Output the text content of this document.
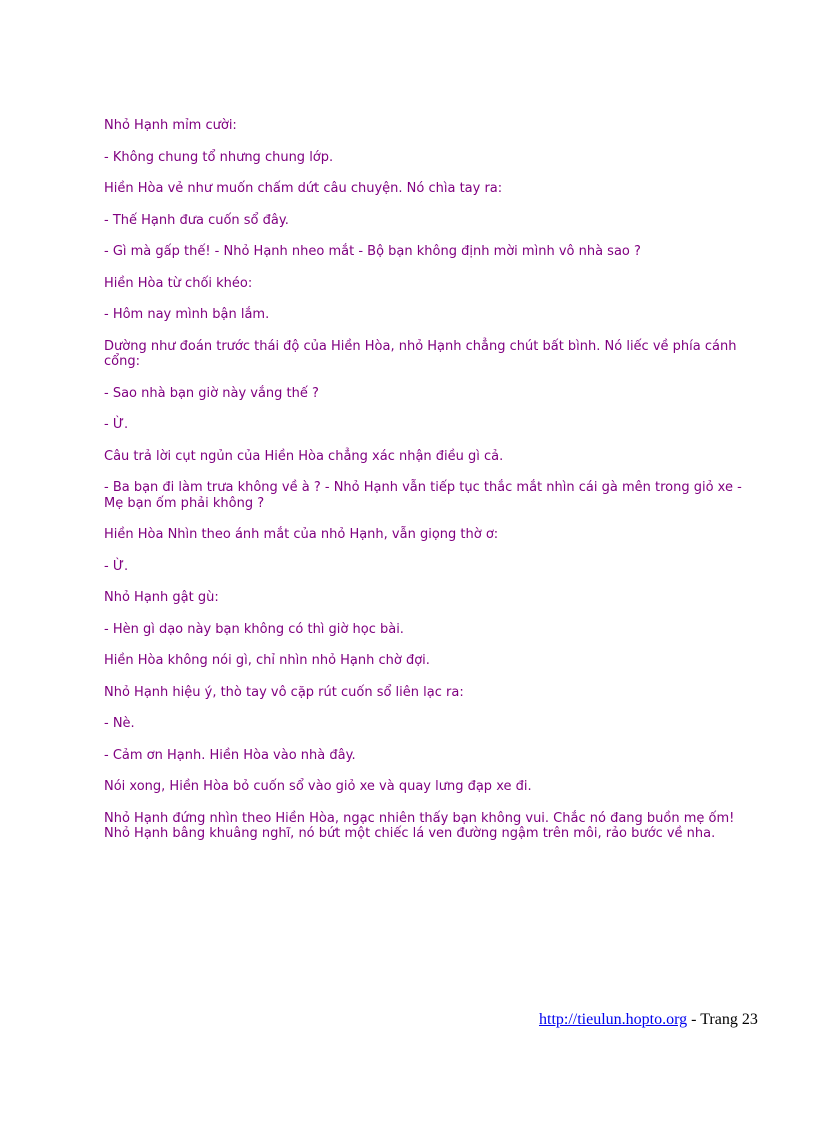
Nhỏ Hạnh mỉm cười:

- Không chung tổ nhưng chung lớp.

Hiền Hòa vẻ như muốn chấm dứt câu chuyện. Nó chìa tay ra:

- Thế Hạnh đưa cuốn sổ đây.

- Gì mà gấp thế! - Nhỏ Hạnh nheo mắt - Bộ bạn không định mời mình vô nhà sao ?

Hiền Hòa từ chối khéo:

- Hôm nay mình bận lắm.

Dường như đoán trước thái độ của Hiền Hòa, nhỏ Hạnh chẳng chút bất bình. Nó liếc về phía cánh cổng:

- Sao nhà bạn giờ này vắng thế ?

- Ừ.

Câu trả lời cụt ngủn của Hiền Hòa chẳng xác nhận điều gì cả.

- Ba bạn đi làm trưa không về à ? - Nhỏ Hạnh vẫn tiếp tục thắc mắt nhìn cái gà mên trong giỏ xe - Mẹ bạn ốm phải không ?

Hiền Hòa Nhìn theo ánh mắt của nhỏ Hạnh, vẫn giọng thờ ơ:

- Ừ.

Nhỏ Hạnh gật gù:

- Hèn gì dạo này bạn không có thì giờ học bài.

Hiền Hòa không nói gì, chỉ nhìn nhỏ Hạnh chờ đợi.

Nhỏ Hạnh hiệu ý, thò tay vô cặp rút cuốn sổ liên lạc ra:

- Nè.

- Cảm ơn Hạnh. Hiền Hòa vào nhà đây.

Nói xong, Hiền Hòa bỏ cuốn sổ vào giỏ xe và quay lưng đạp xe đi.

Nhỏ Hạnh đứng nhìn theo Hiền Hòa, ngạc nhiên thấy bạn không vui. Chắc nó đang buồn mẹ ốm! Nhỏ Hạnh bâng khuâng nghĩ, nó bứt một chiếc lá ven đường ngậm trên môi, rảo bước về nha.

http://tieulun.hopto.org - Trang 23
